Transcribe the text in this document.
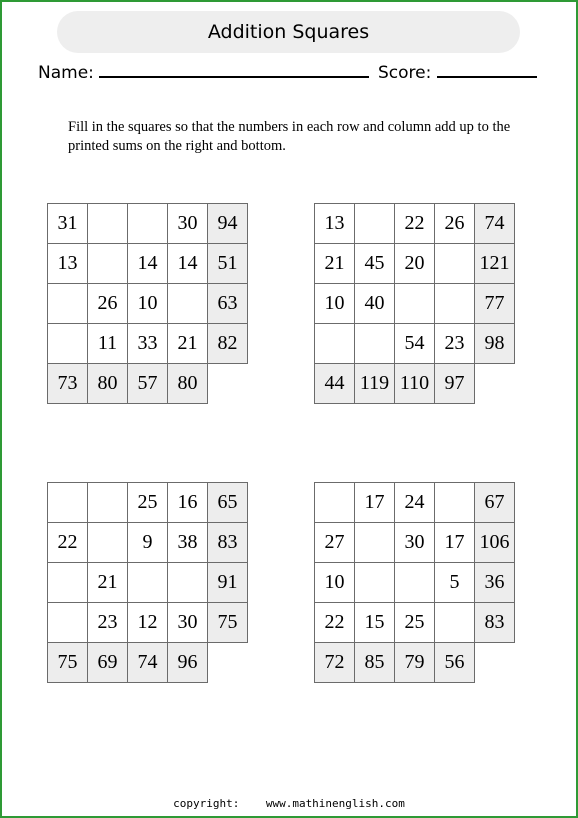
Addition Squares
Name:	Score:
Fill in the squares so that the numbers in each row and column add up to the printed sums on the right and bottom.
31			30	94
13		14	14	51
	26	10		63
	11	33	21	82
73	80	57	80	
13		22	26	74
21	45	20		121
10	40			77
		54	23	98
44	119	110	97	
		25	16	65
22		9	38	83
	21			91
	23	12	30	75
75	69	74	96	
	17	24		67
27		30	17	106
10			5	36
22	15	25		83
72	85	79	56	
copyright: www.mathinenglish.com
